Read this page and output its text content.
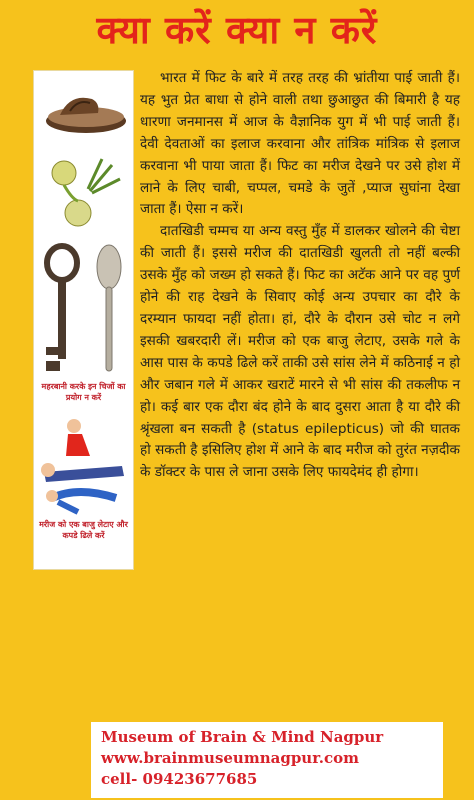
क्या करें क्या न करें
महरबानी करके इन चिजों का प्रयोग न करें
मरीज को एक बाजु लेटाए और कपडे ढिले करें

भारत में फिट के बारे में तरह तरह की भ्रांतीया पाई जाती हैं। यह भुत प्रेत बाधा से होने वाली तथा छुआछुत की बिमारी है यह धारणा जनमानस में आज के वैज्ञानिक युग में भी पाई जाती हैं। देवी देवताओं का इलाज करवाना और तांत्रिक मांत्रिक से इलाज करवाना भी पाया जाता हैं। फिट का मरीज देखने पर उसे होश में लाने के लिए चाबी, चप्पल, चमडे के जुतें ,प्याज सुघांना देखा जाता हैं। ऐसा न करें।

दातखिडी चम्मच या अन्य वस्तु मुँह में डालकर खोलने की चेष्टा की जाती हैं। इससे मरीज की दातखिडी खुलती तो नहीं बल्की उसके मुँह को जख्म हो सकते हैं। फिट का अटॅक आने पर वह पुर्ण होने की राह देखने के सिवाए कोई अन्य उपचार का दौरे के दरम्यान फायदा नहीं होता। हां, दौरे के दौरान उसे चोट न लगे इसकी खबरदारी लें। मरीज को एक बाजु लेटाए, उसके गले के आस पास के कपडे ढिले करें ताकी उसे सांस लेने में कठिनाई न हो और जबान गले में आकर खराटें मारने से भी सांस की तकलीफ न हो। कई बार एक दौरा बंद होने के बाद दुसरा आता है या दौरे की श्रृंखला बन सकती है (status epilepticus) जो की घातक हो सकती है इसिलिए होश में आने के बाद मरीज को तुरंत नज़दीक के डॉक्टर के पास ले जाना उसके लिए फायदेमंद ही होगा।

Museum of Brain & Mind Nagpur
www.brainmuseumnagpur.com
cell- 09423677685
